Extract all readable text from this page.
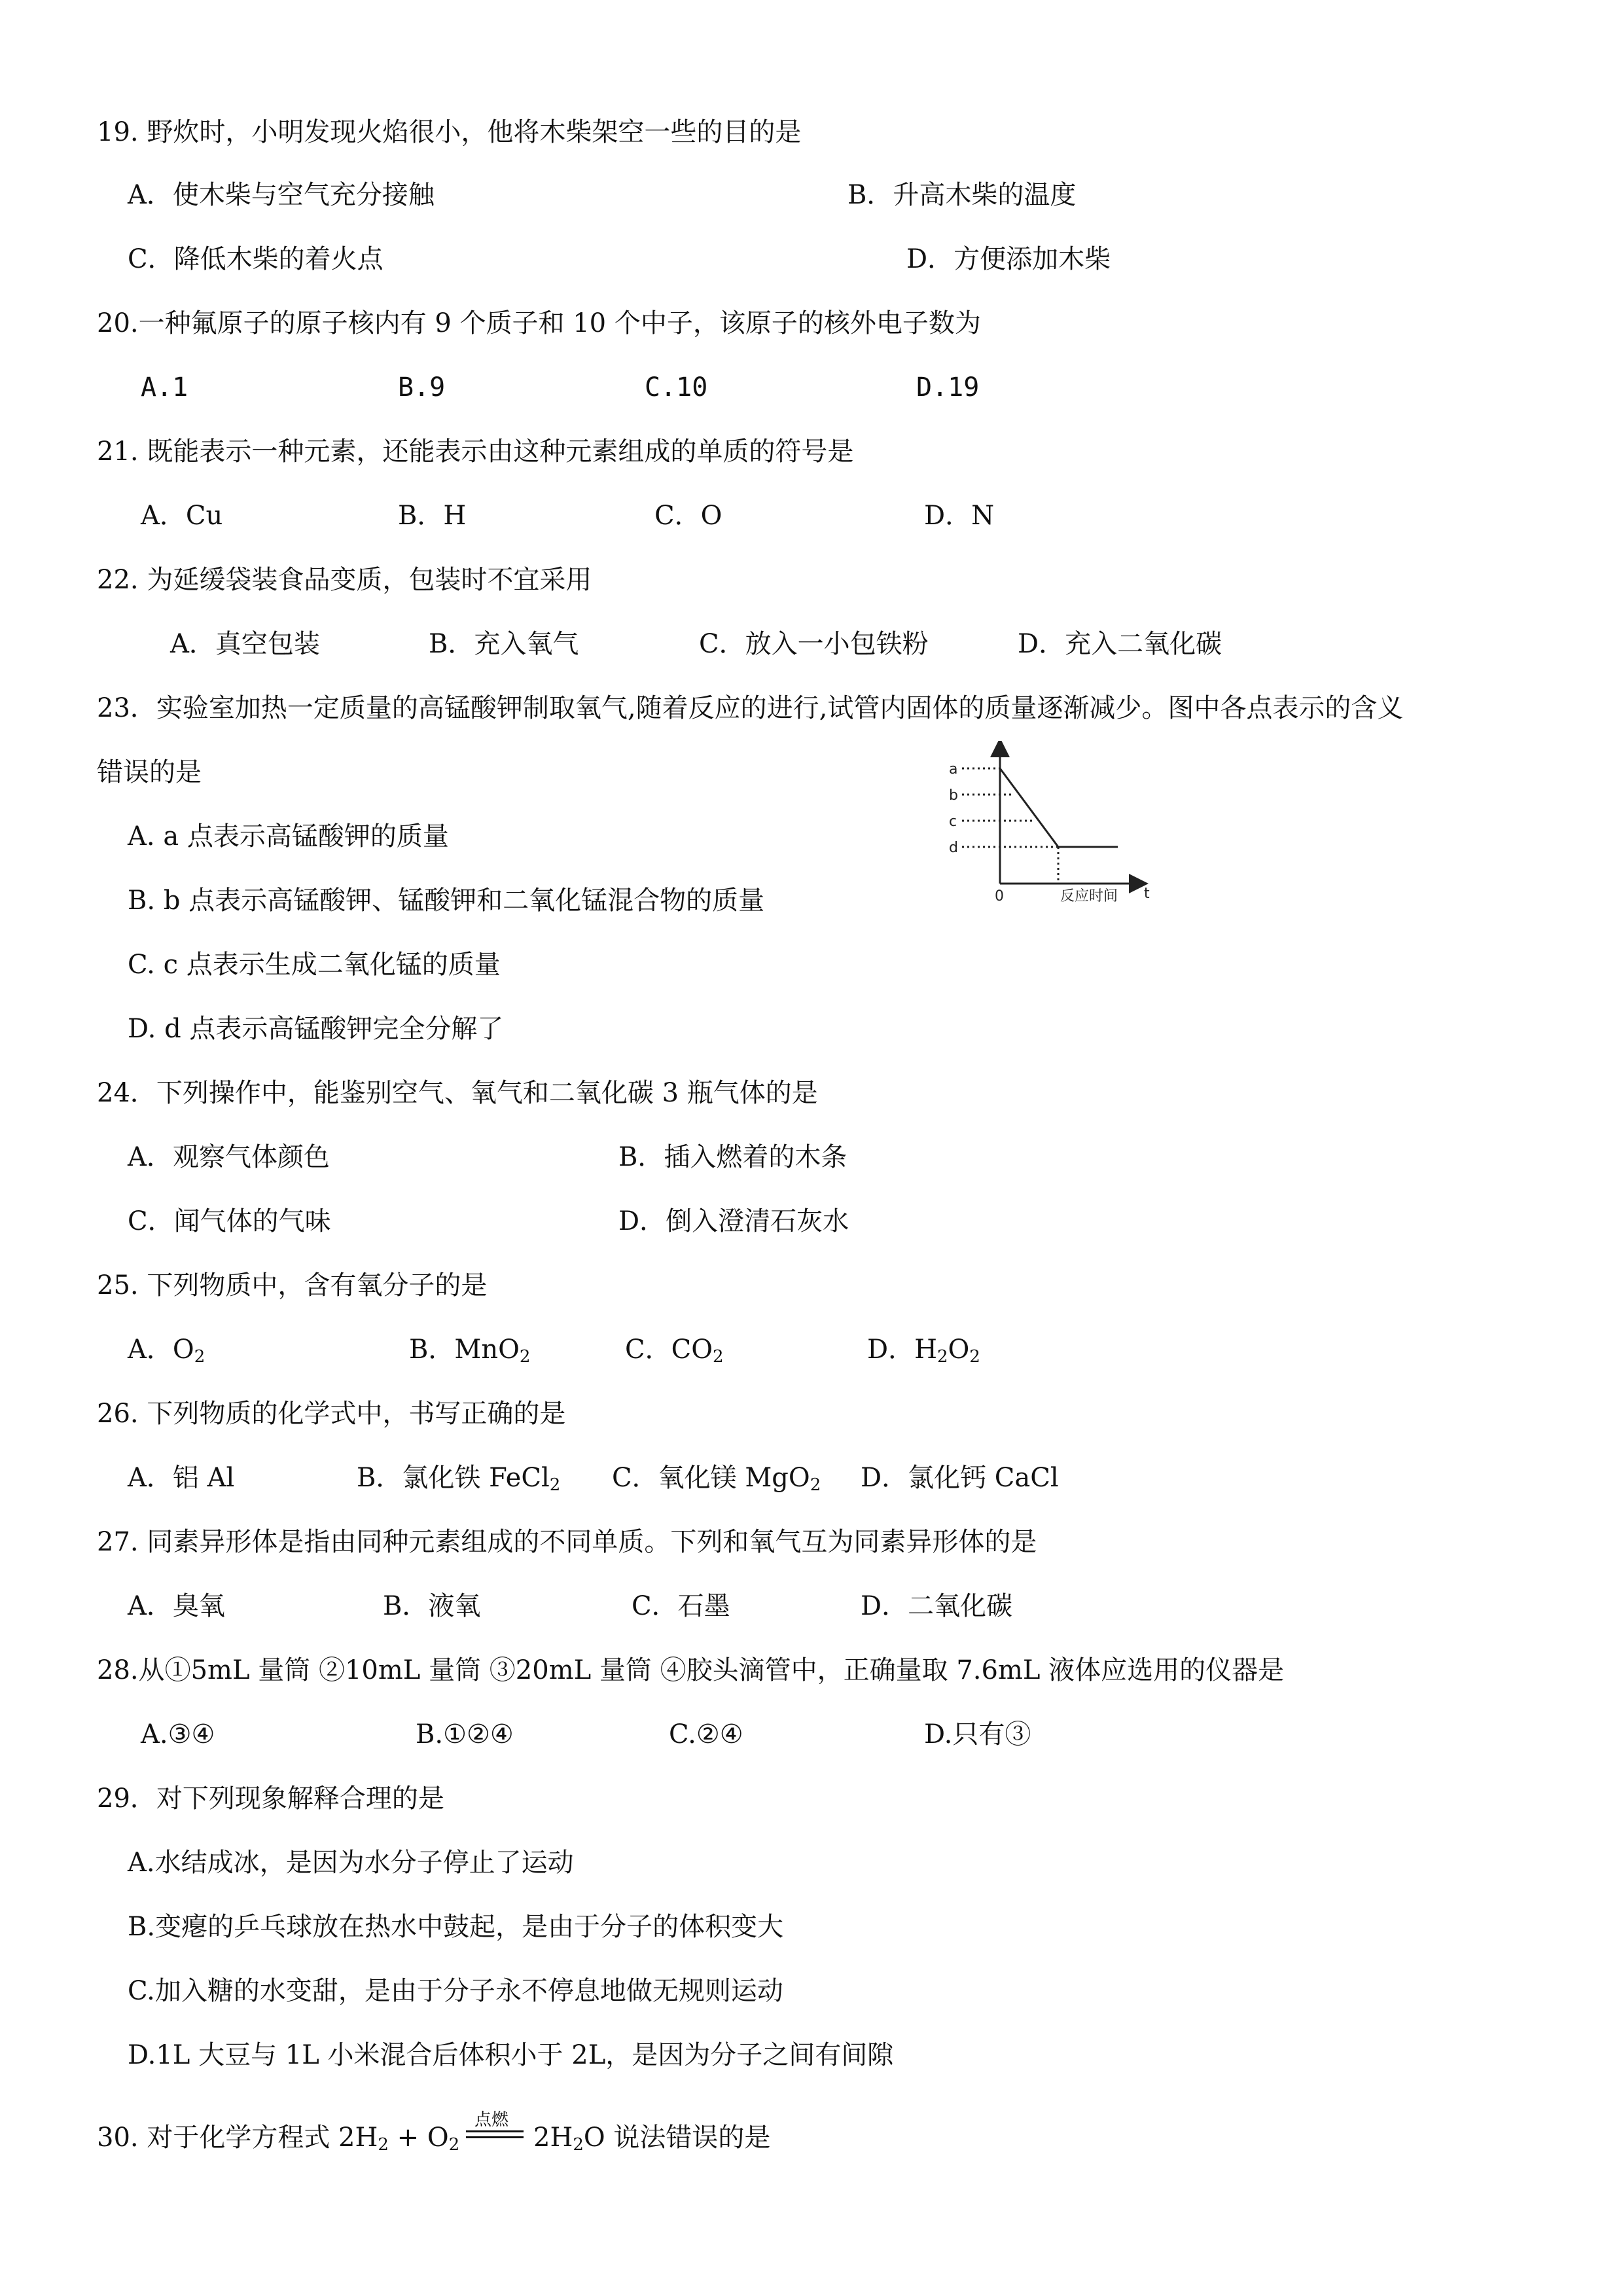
19. 野炊时，小明发现火焰很小，他将木柴架空一些的目的是
A．使木柴与空气充分接触	B．升高木柴的温度
C．降低木柴的着火点	D．方便添加木柴
20.一种氟原子的原子核内有 9 个质子和 10 个中子，该原子的核外电子数为
A.1	B.9	C.10	D.19
21. 既能表示一种元素，还能表示由这种元素组成的单质的符号是
A．Cu	B．H	C．O	D．N
22. 为延缓袋装食品变质，包装时不宜采用
A．真空包装	B．充入氧气	C．放入一小包铁粉	D．充入二氧化碳
23．实验室加热一定质量的高锰酸钾制取氧气,随着反应的进行,试管内固体的质量逐渐减少。图中各点表示的含义
错误的是
A. a 点表示高锰酸钾的质量
B. b 点表示高锰酸钾、锰酸钾和二氧化锰混合物的质量
C. c 点表示生成二氧化锰的质量
D. d 点表示高锰酸钾完全分解了
a
b
c
d
0	反应时间 t
24．下列操作中，能鉴别空气、氧气和二氧化碳 3 瓶气体的是
A．观察气体颜色	B．插入燃着的木条
C．闻气体的气味	D．倒入澄清石灰水
25. 下列物质中，含有氧分子的是
A．$O_2$	B．MnO$_2$	C．$CO_2$	D．$H_2O_2$
26. 下列物质的化学式中，书写正确的是
A．铝 Al	B．氯化铁 FeCl$_2$ C．氧化镁 MgO$_2$ D．氯化钙 CaCl
27. 同素异形体是指由同种元素组成的不同单质。下列和氧气互为同素异形体的是
A．臭氧	B．液氧	C．石墨	D．二氧化碳
28.从①5mL 量筒 ②10mL 量筒 ③20mL 量筒 ④胶头滴管中，正确量取 7.6mL 液体应选用的仪器是
A.③④	B.①②④	C.②④	D.只有③
29．对下列现象解释合理的是
A.水结成冰，是因为水分子停止了运动
B.变瘪的乒乓球放在热水中鼓起，是由于分子的体积变大
C.加入糖的水变甜，是由于分子永不停息地做无规则运动
D.1L 大豆与 1L 小米混合后体积小于 2L，是因为分子之间有间隙
点燃
30. 对于化学方程式 $2H_2 + O_2$	$2H_2O$ 说法错误的是
